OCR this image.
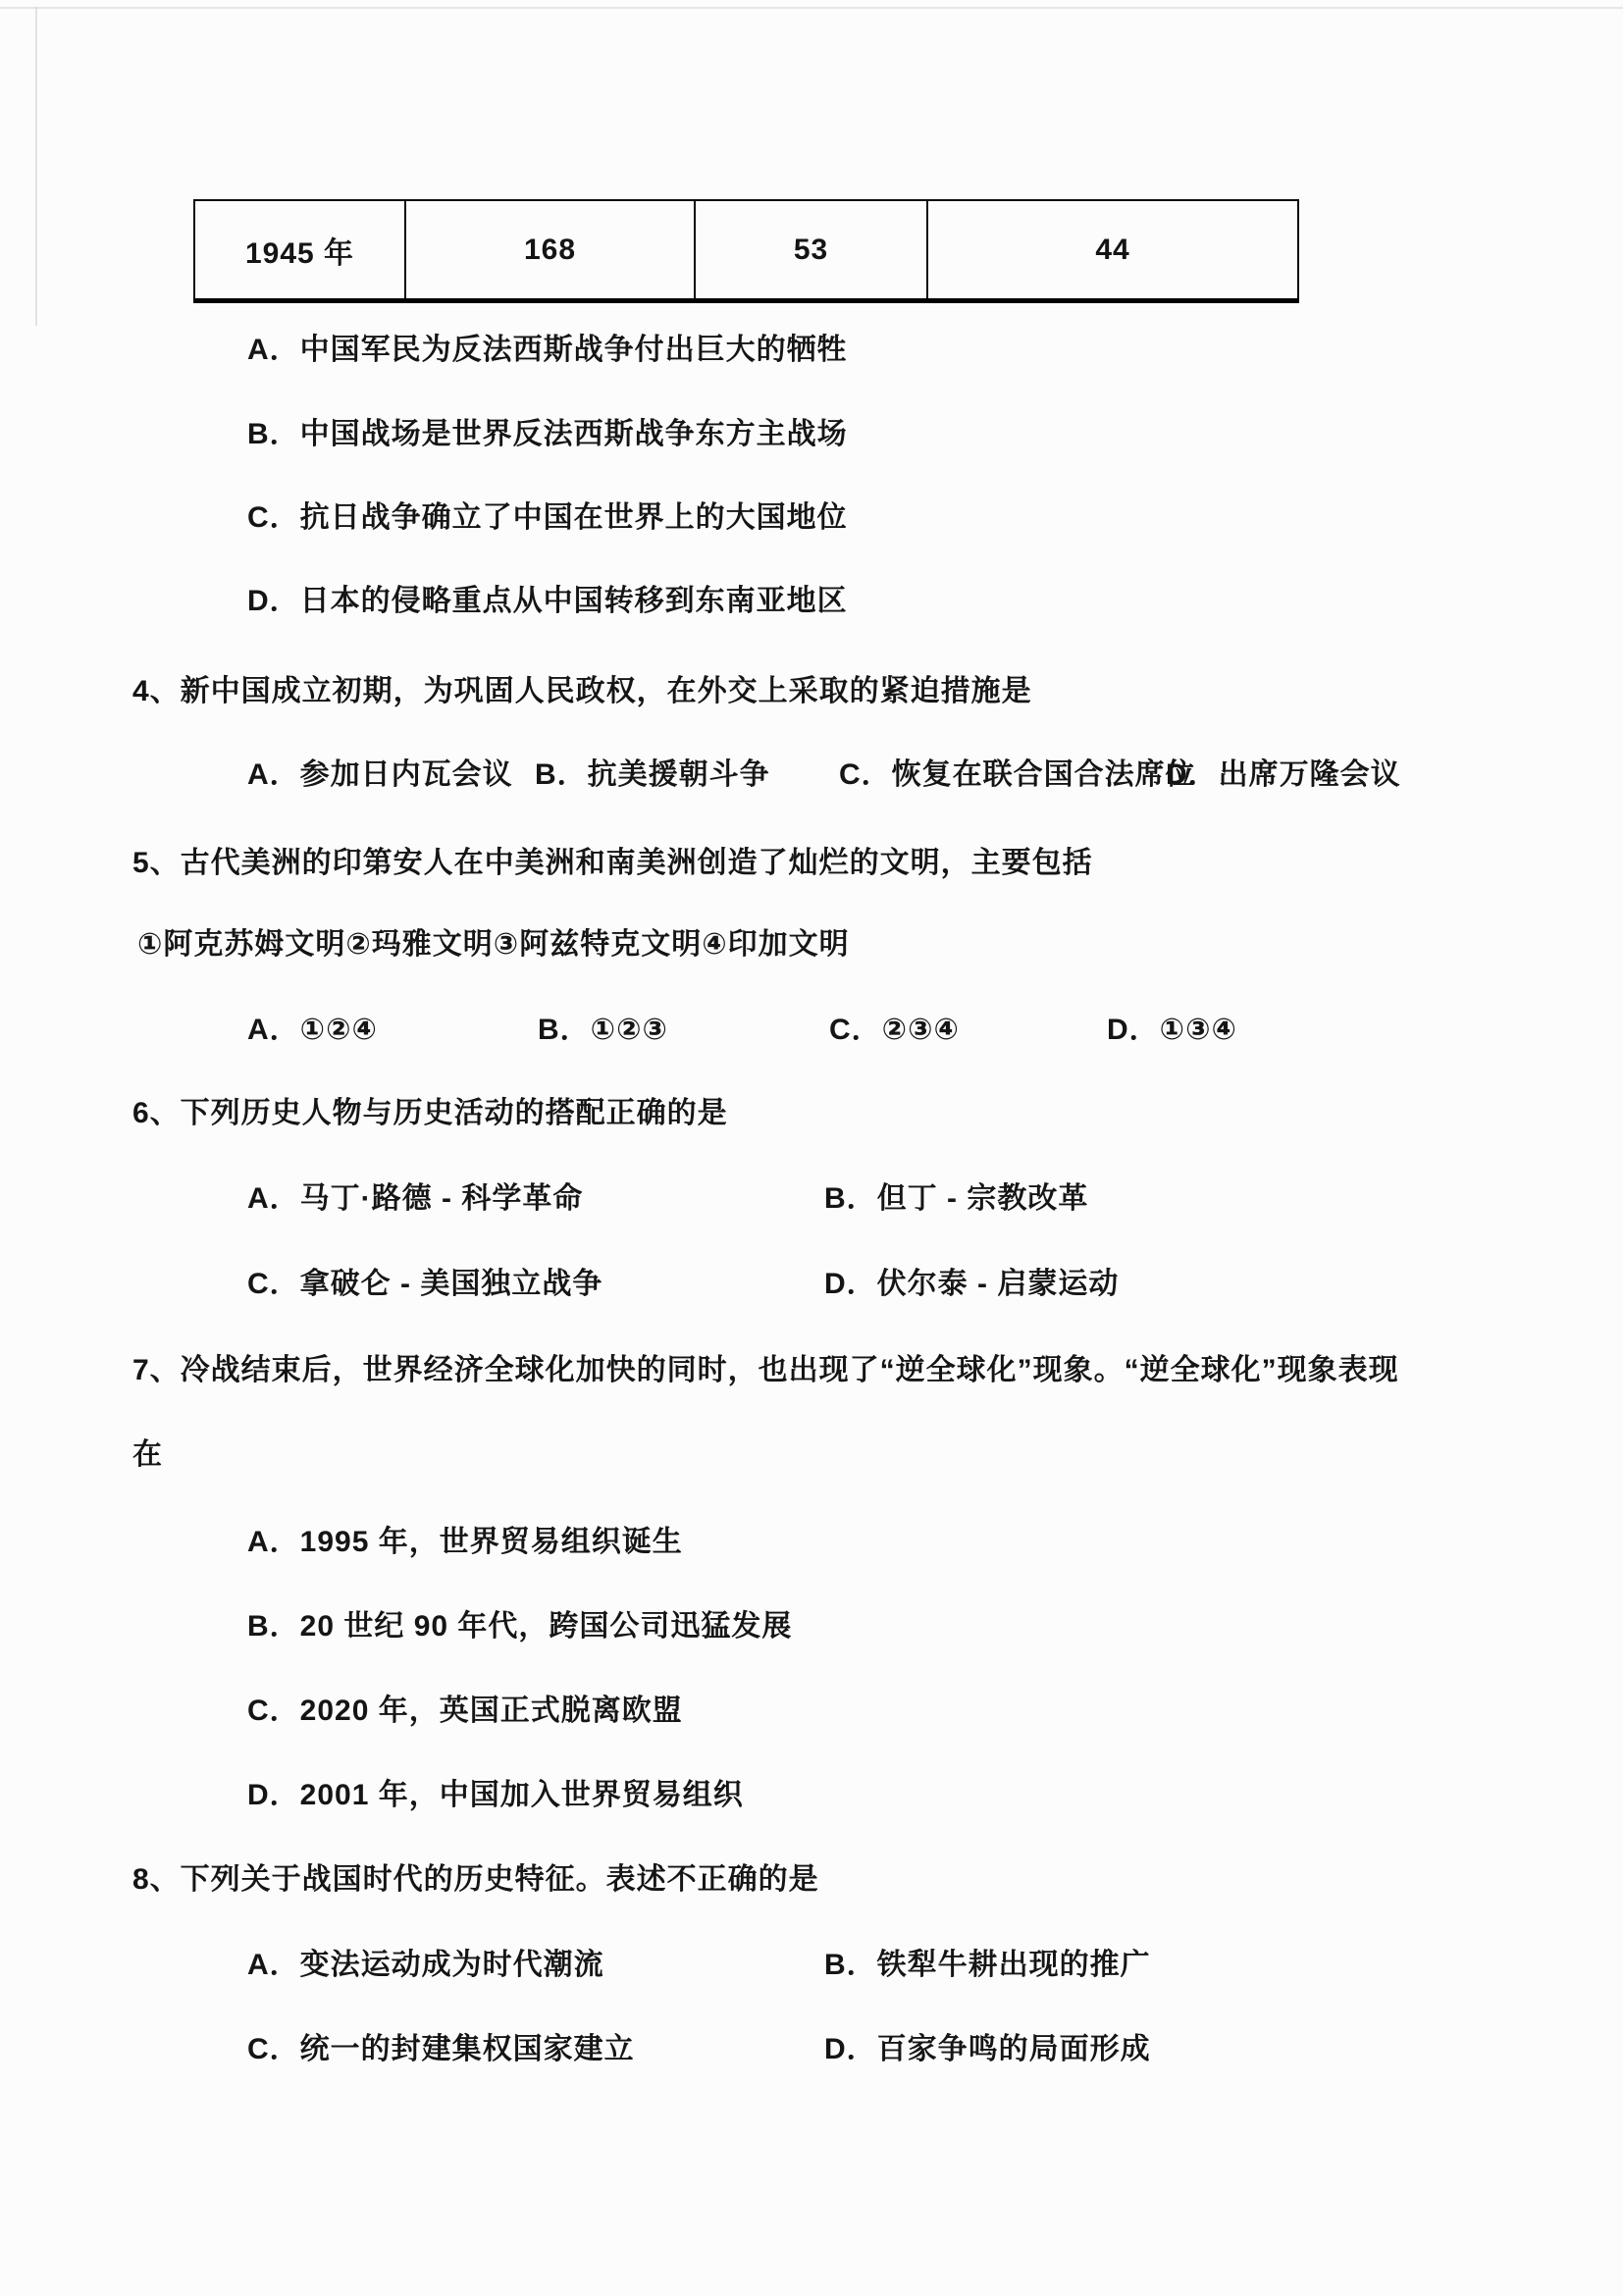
1945 年	168	53	44
A．中国军民为反法西斯战争付出巨大的牺牲
B．中国战场是世界反法西斯战争东方主战场
C．抗日战争确立了中国在世界上的大国地位
D．日本的侵略重点从中国转移到东南亚地区
4、新中国成立初期，为巩固人民政权，在外交上采取的紧迫措施是
A．参加日内瓦会议 B．抗美援朝斗争 C．恢复在联合国合法席位
D．出席万隆会议
5、古代美洲的印第安人在中美洲和南美洲创造了灿烂的文明，主要包括
①阿克苏姆文明②玛雅文明③阿兹特克文明④印加文明
A．①②④	B．①②③	C．②③④	D．①③④
6、下列历史人物与历史活动的搭配正确的是
A．马丁·路德 - 科学革命	B．但丁 - 宗教改革
C．拿破仑 - 美国独立战争	D．伏尔泰 - 启蒙运动
7、冷战结束后，世界经济全球化加快的同时，也出现了“逆全球化”现象。“逆全球化”现象表现
在
A．1995 年，世界贸易组织诞生
B．20 世纪 90 年代，跨国公司迅猛发展
C．2020 年，英国正式脱离欧盟
D．2001 年，中国加入世界贸易组织
8、下列关于战国时代的历史特征。表述不正确的是
A．变法运动成为时代潮流	B．铁犁牛耕出现的推广
C．统一的封建集权国家建立	D．百家争鸣的局面形成
